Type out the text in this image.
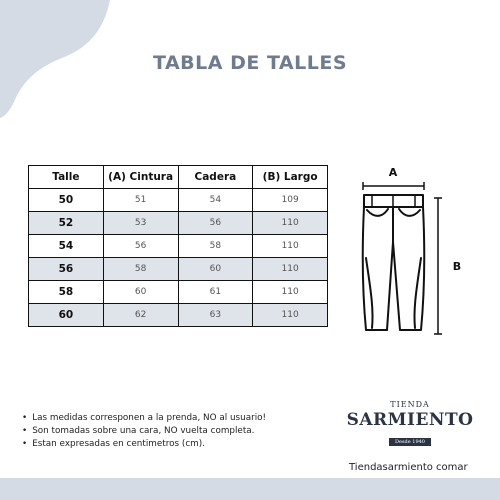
TABLA DE TALLES
Talle	(A) Cintura	Cadera	(B) Largo
50	51	54	109
52	53	56	110
54	56	58	110
56	58	60	110
58	60	61	110
60	62	63	110
A
B
• Las medidas corresponen a la prenda, NO al usuario!
• Son tomadas sobre una cara, NO vuelta completa.
• Estan expresadas en centimetros (cm).
TIENDA
SARMIENTO
Desde 1940
Tiendasarmiento comar
